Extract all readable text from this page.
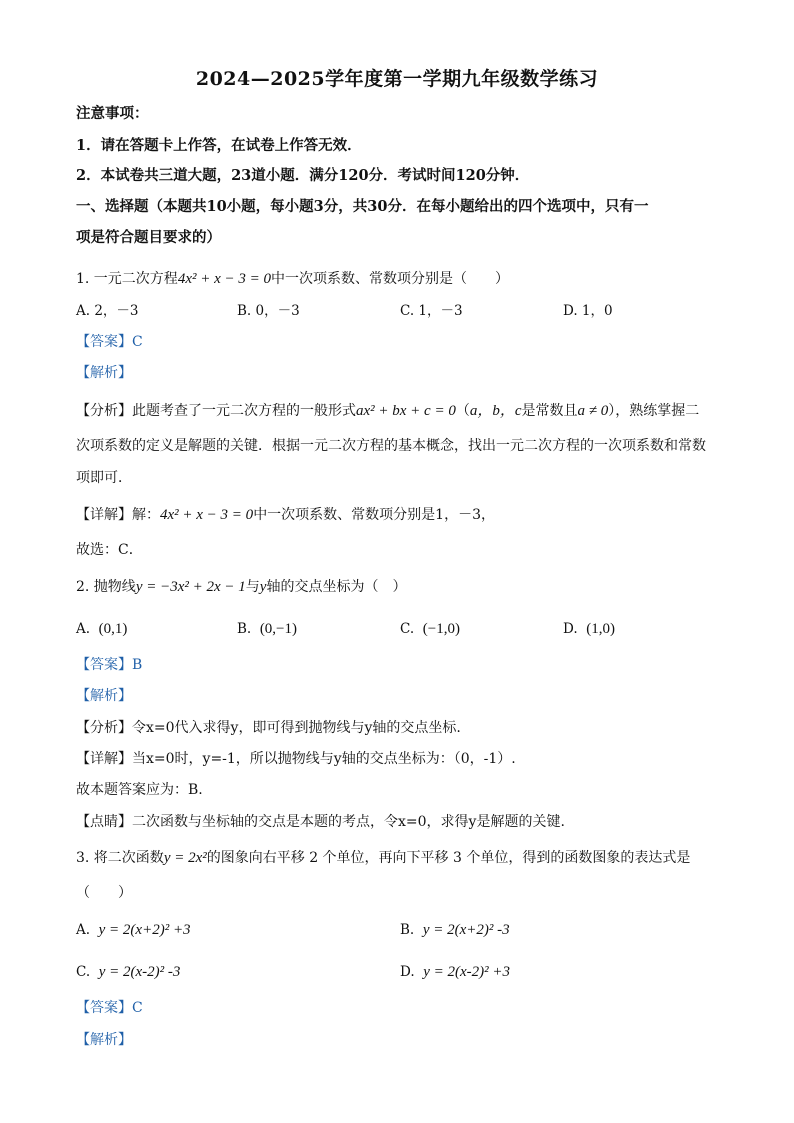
2024—2025学年度第一学期九年级数学练习
注意事项：
1．请在答题卡上作答，在试卷上作答无效．
2．本试卷共三道大题，23道小题．满分120分．考试时间120分钟．
一、选择题（本题共10小题，每小题3分，共30分．在每小题给出的四个选项中，只有一
项是符合题目要求的）
1. 一元二次方程4x² + x − 3 = 0中一次项系数、常数项分别是（　　）
A. 2，－3	B. 0，－3	C. 1，－3	D. 1，0
【答案】C
【解析】
【分析】此题考查了一元二次方程的一般形式ax² + bx + c = 0（a，b，c是常数且a ≠ 0），熟练掌握二
次项系数的定义是解题的关键．根据一元二次方程的基本概念，找出一元二次方程的一次项系数和常数
项即可．
【详解】解：4x² + x − 3 = 0中一次项系数、常数项分别是1，－3，
故选：C．
2. 抛物线y = −3x² + 2x − 1与y轴的交点坐标为（　）
A. (0,1)	B. (0,−1)	C. (−1,0)	D. (1,0)
【答案】B
【解析】
【分析】令x=0代入求得y，即可得到抛物线与y轴的交点坐标.
【详解】当x=0时，y=-1，所以抛物线与y轴的交点坐标为：（0，-1）.
故本题答案应为：B.
【点睛】二次函数与坐标轴的交点是本题的考点，令x=0，求得y是解题的关键.
3. 将二次函数y = 2x²的图象向右平移 2 个单位，再向下平移 3 个单位，得到的函数图象的表达式是
（　　）
A. y = 2(x+2)² +3	B. y = 2(x+2)² -3
C. y = 2(x-2)² -3	D. y = 2(x-2)² +3
【答案】C
【解析】
